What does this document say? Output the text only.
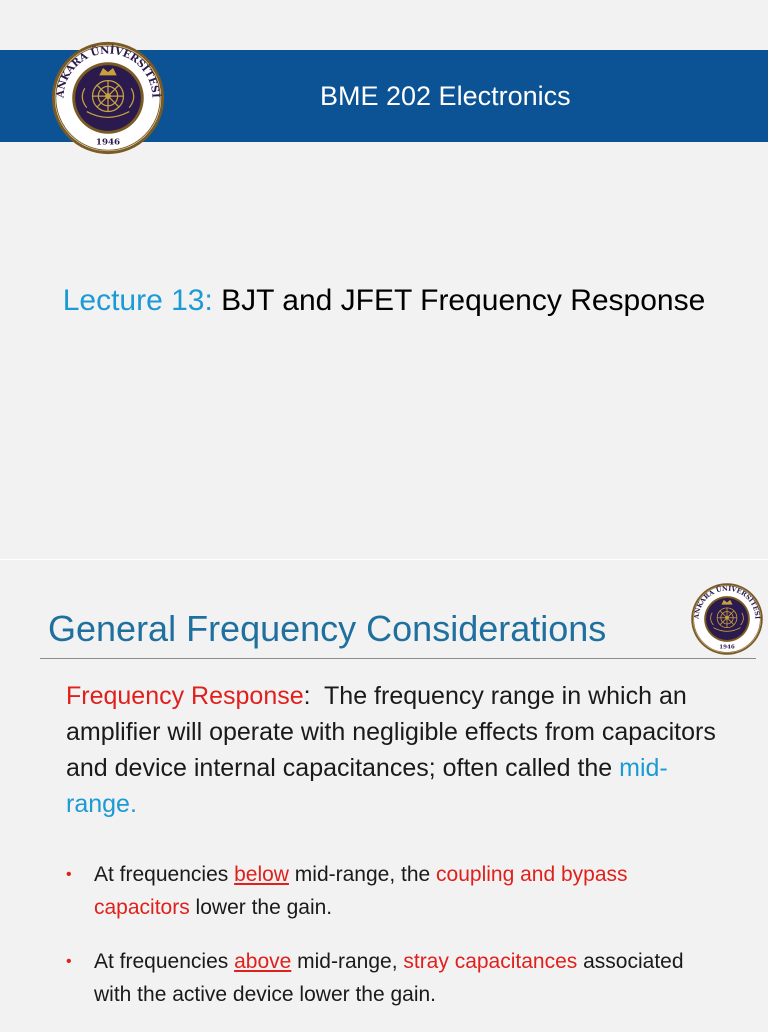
BME 202 Electronics
ANKARA ÜNİVERSİTESİ
1946
Lecture 13: BJT and JFET Frequency Response
ANKARA ÜNİVERSİTESİ
1946
General Frequency Considerations
Frequency Response:  The frequency range in which an amplifier will operate with negligible effects from capacitors and device internal capacitances; often called the mid-range.
• At frequencies below mid-range, the coupling and bypass capacitors lower the gain.
• At frequencies above mid-range, stray capacitances associated with the active device lower the gain.
